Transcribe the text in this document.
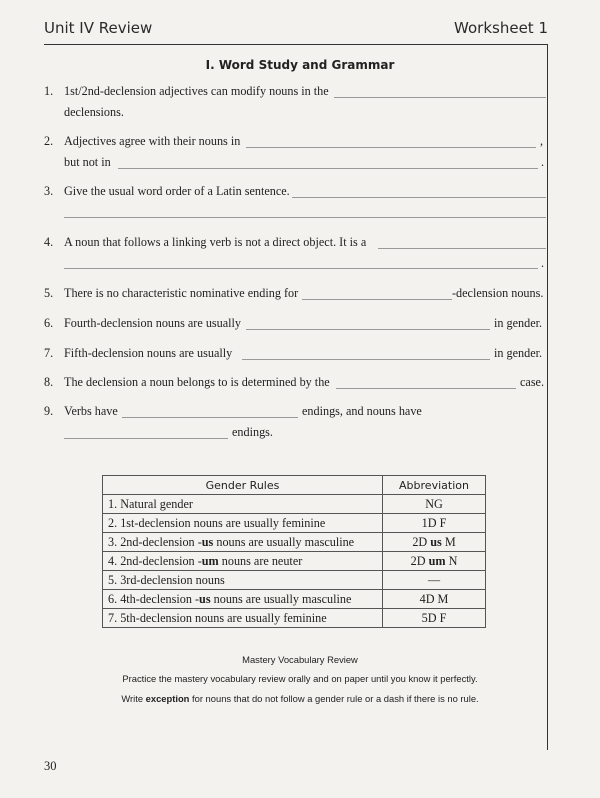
Unit IV Review	Worksheet 1
I. Word Study and Grammar
1. 1st/2nd-declension adjectives can modify nouns in the
declensions.
2. Adjectives agree with their nouns in	,
but not in	.
3. Give the usual word order of a Latin sentence.
4. A noun that follows a linking verb is not a direct object. It is a
.
5. There is no characteristic nominative ending for	-declension nouns.
6. Fourth-declension nouns are usually	in gender.
7. Fifth-declension nouns are usually	in gender.
8. The declension a noun belongs to is determined by the	case.
9. Verbs have	endings, and nouns have
endings.
Gender Rules	Abbreviation
1. Natural gender	NG
2. 1st-declension nouns are usually feminine	1D F
3. 2nd-declension -us nouns are usually masculine	2D us M
4. 2nd-declension -um nouns are neuter	2D um N
5. 3rd-declension nouns	—
6. 4th-declension -us nouns are usually masculine	4D M
7. 5th-declension nouns are usually feminine	5D F
Mastery Vocabulary Review
Practice the mastery vocabulary review orally and on paper until you know it perfectly.
Write exception for nouns that do not follow a gender rule or a dash if there is no rule.
30
